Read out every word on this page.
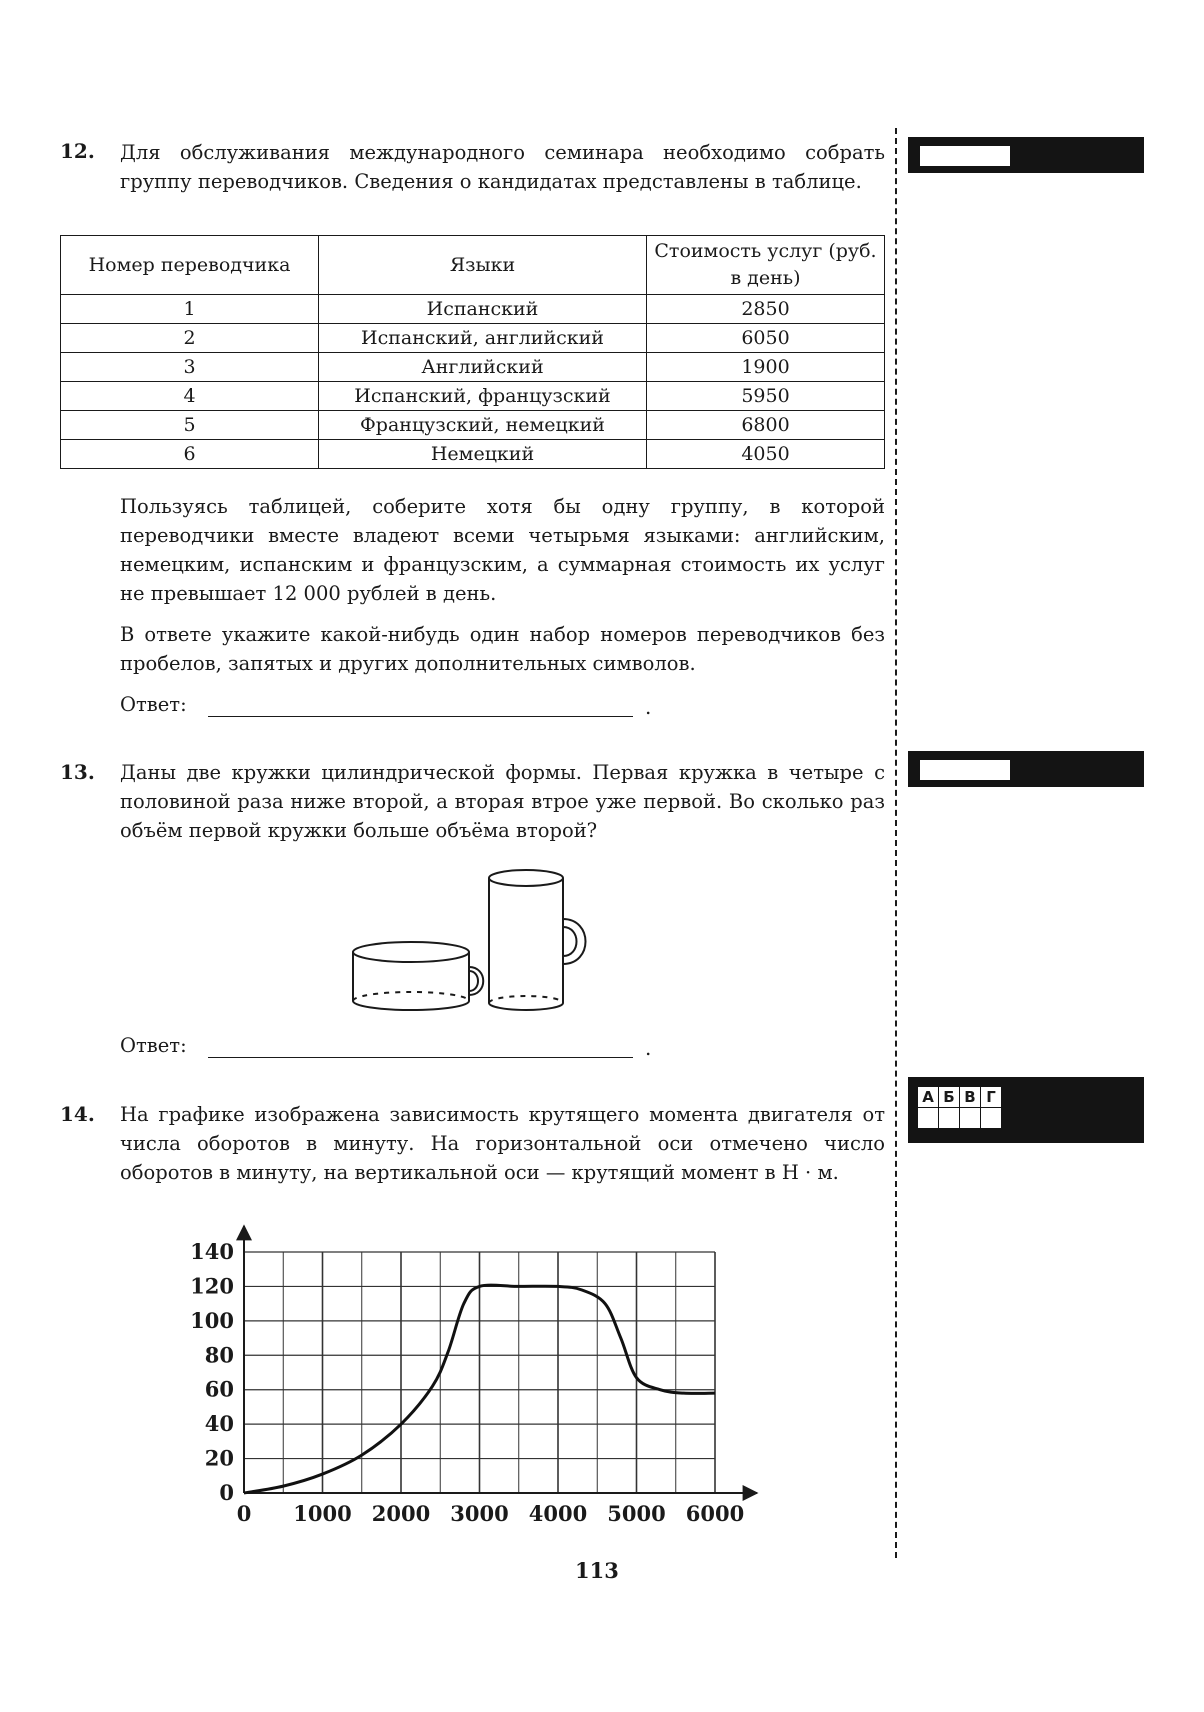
12. Для обслуживания международного семинара необходимо собрать группу переводчиков. Сведения о кандидатах представлены в таблице.
Номер переводчика	Языки	Стоимость услуг (руб. в день)
1	Испанский	2850
2	Испанский, английский	6050
3	Английский	1900
4	Испанский, французский	5950
5	Французский, немецкий	6800
6	Немецкий	4050
Пользуясь таблицей, соберите хотя бы одну группу, в которой переводчики вместе владеют всеми четырьмя языками: английским, немецким, испанским и французским, а суммарная стоимость их услуг не превышает 12 000 рублей в день.
В ответе укажите какой-нибудь один набор номеров переводчиков без пробелов, запятых и других дополнительных символов.
Ответ:	.
13. Даны две кружки цилиндрической формы. Первая кружка в четыре с половиной раза ниже второй, а вторая втрое уже первой. Во сколько раз объём первой кружки больше объёма второй?
Ответ:	.
14. На графике изображена зависимость крутящего момента двигателя от числа оборотов в минуту. На горизонтальной оси отмечено число оборотов в минуту, на вертикальной оси — крутящий момент в Н · м.
0 1000 2000 3000 4000 5000 6000
0
20
40
60
80
100
120
140
А	Б	В	Г

113
